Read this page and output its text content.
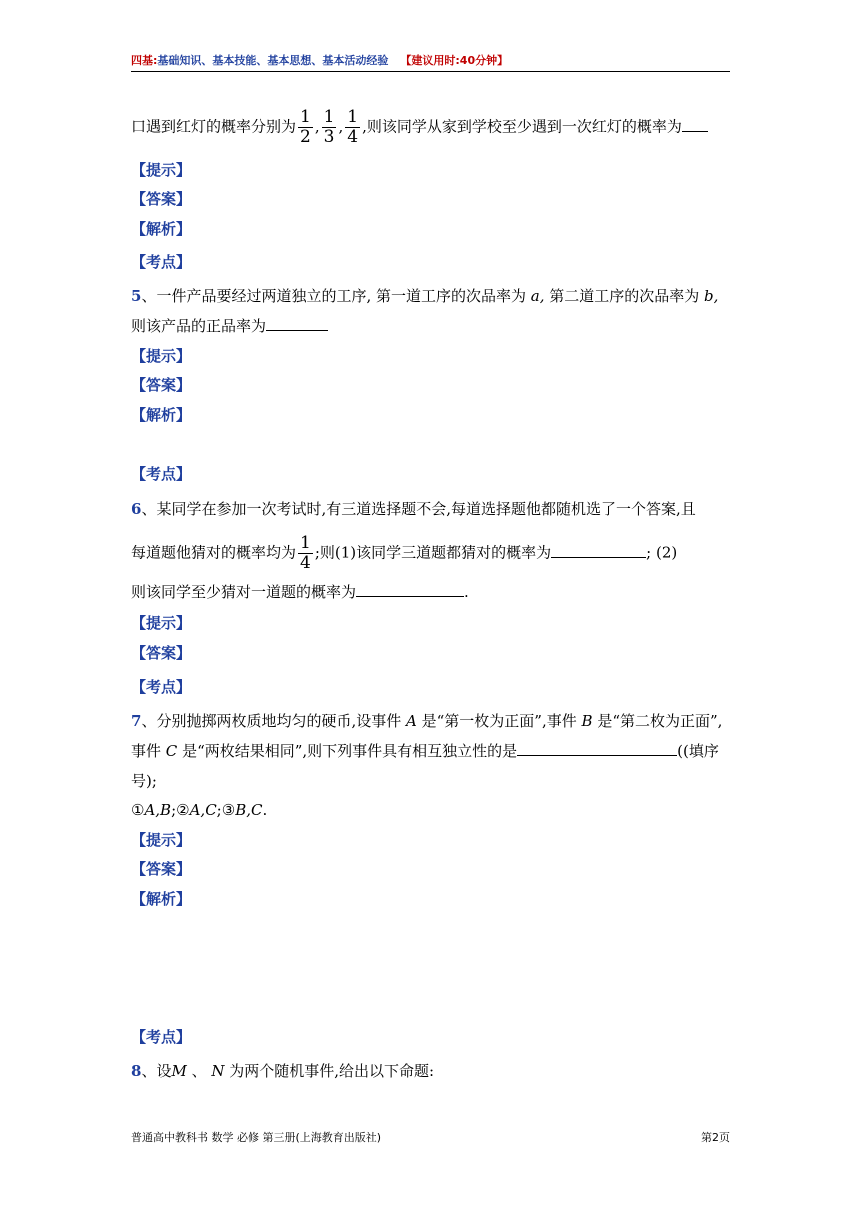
四基:基础知识、基本技能、基本思想、基本活动经验 【建议用时:40分钟】
口遇到红灯的概率分别为 $\frac{1}{2}$ , $\frac{1}{3}$ , $\frac{1}{4}$ ,则该同学从家到学校至少遇到一次红灯的概率为
【提示】
【答案】
【解析】
【考点】
5、一件产品要经过两道独立的工序, 第一道工序的次品率为 a, 第二道工序的次品率为 b,
则该产品的正品率为
【提示】
【答案】
【解析】
【考点】
6、某同学在参加一次考试时,有三道选择题不会,每道选择题他都随机选了一个答案,且
每道题他猜对的概率均为 $\frac{1}{4}$ ;则(1)该同学三道题都猜对的概率为	; (2)
则该同学至少猜对一道题的概率为	.
【提示】
【答案】
【考点】
7、分别抛掷两枚质地均匀的硬币,设事件 A 是“第一枚为正面”,事件 B 是“第二枚为正面”,
事件 C 是“两枚结果相同”,则下列事件具有相互独立性的是	((填序
号);
①A,B;②A,C;③B,C.
【提示】
【答案】
【解析】
【考点】
8、设M 、 N 为两个随机事件,给出以下命题:
普通高中教科书 数学 必修 第三册(上海教育出版社)	第2页
